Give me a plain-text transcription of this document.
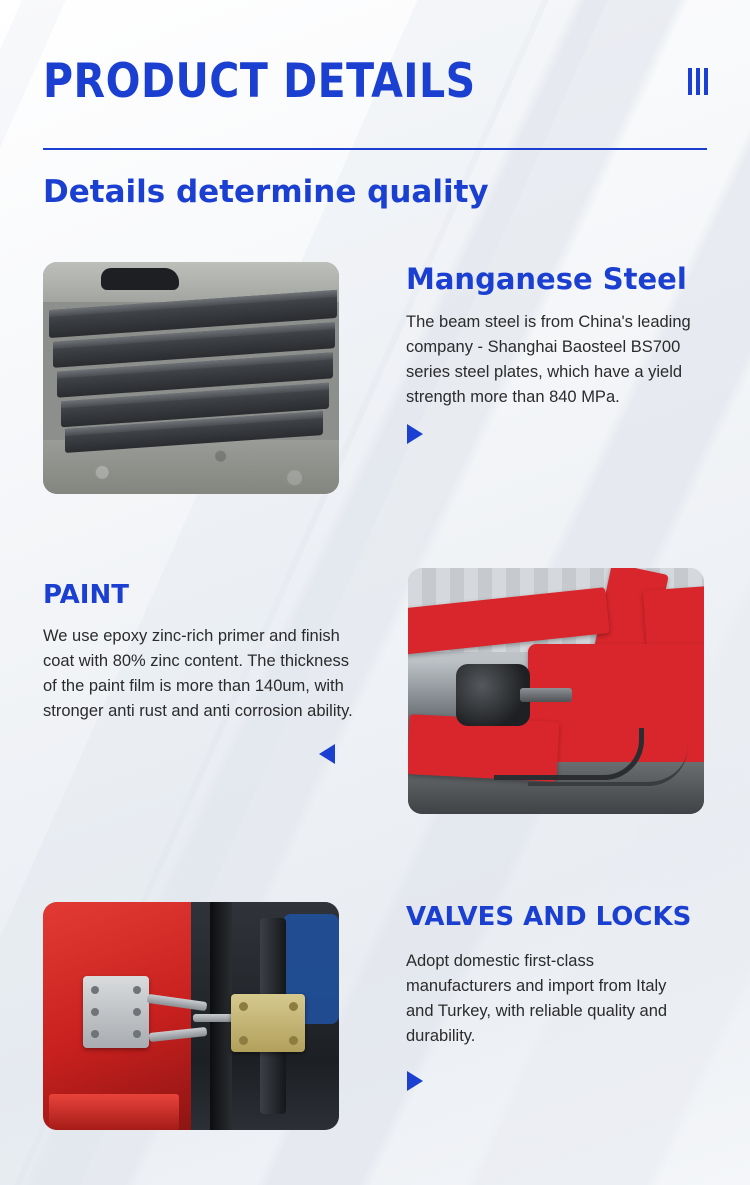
PRODUCT DETAILS
Details determine quality
Manganese Steel
The beam steel is from China's leading company - Shanghai Baosteel BS700 series steel plates, which have a yield strength more than 840 MPa.
PAINT
We use epoxy zinc-rich primer and finish coat with 80% zinc content. The thickness of the paint film is more than 140um, with stronger anti rust and anti corrosion ability.
VALVES AND LOCKS
Adopt domestic first-class manufacturers and import from Italy and Turkey, with reliable quality and durability.
